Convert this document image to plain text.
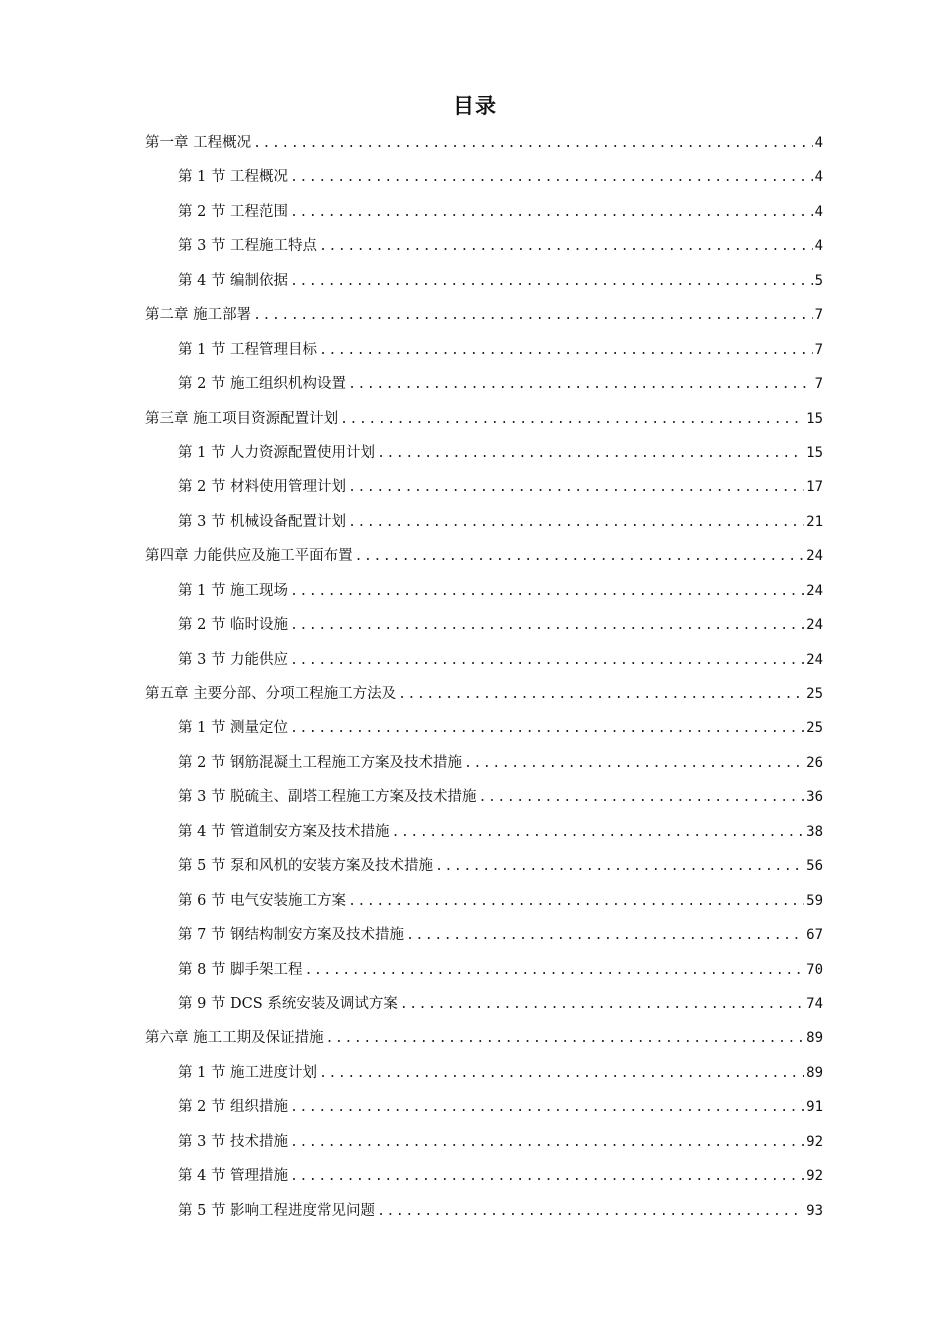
目录
第一章 工程概况 .....	4
第 1 节 工程概况 .....	4
第 2 节 工程范围 .....	4
第 3 节 工程施工特点 .....	4
第 4 节 编制依据 .....	5
第二章 施工部署 .....	7
第 1 节 工程管理目标 .....	7
第 2 节 施工组织机构设置 .....	7
第三章 施工项目资源配置计划 .....	15
第 1 节 人力资源配置使用计划 .....	15
第 2 节 材料使用管理计划 .....	17
第 3 节 机械设备配置计划 .....	21
第四章 力能供应及施工平面布置 .....	24
第 1 节 施工现场 .....	24
第 2 节 临时设施 .....	24
第 3 节 力能供应 .....	24
第五章 主要分部、分项工程施工方法及 .....	25
第 1 节 测量定位 .....	25
第 2 节 钢筋混凝土工程施工方案及技术措施 .....	26
第 3 节 脱硫主、副塔工程施工方案及技术措施 .....	36
第 4 节 管道制安方案及技术措施 .....	38
第 5 节 泵和风机的安装方案及技术措施 .....	56
第 6 节 电气安装施工方案 .....	59
第 7 节 钢结构制安方案及技术措施 .....	67
第 8 节 脚手架工程 .....	70
第 9 节 DCS 系统安装及调试方案 .....	74
第六章 施工工期及保证措施 .....	89
第 1 节 施工进度计划 .....	89
第 2 节 组织措施 .....	91
第 3 节 技术措施 .....	92
第 4 节 管理措施 .....	92
第 5 节 影响工程进度常见问题 .....	93
